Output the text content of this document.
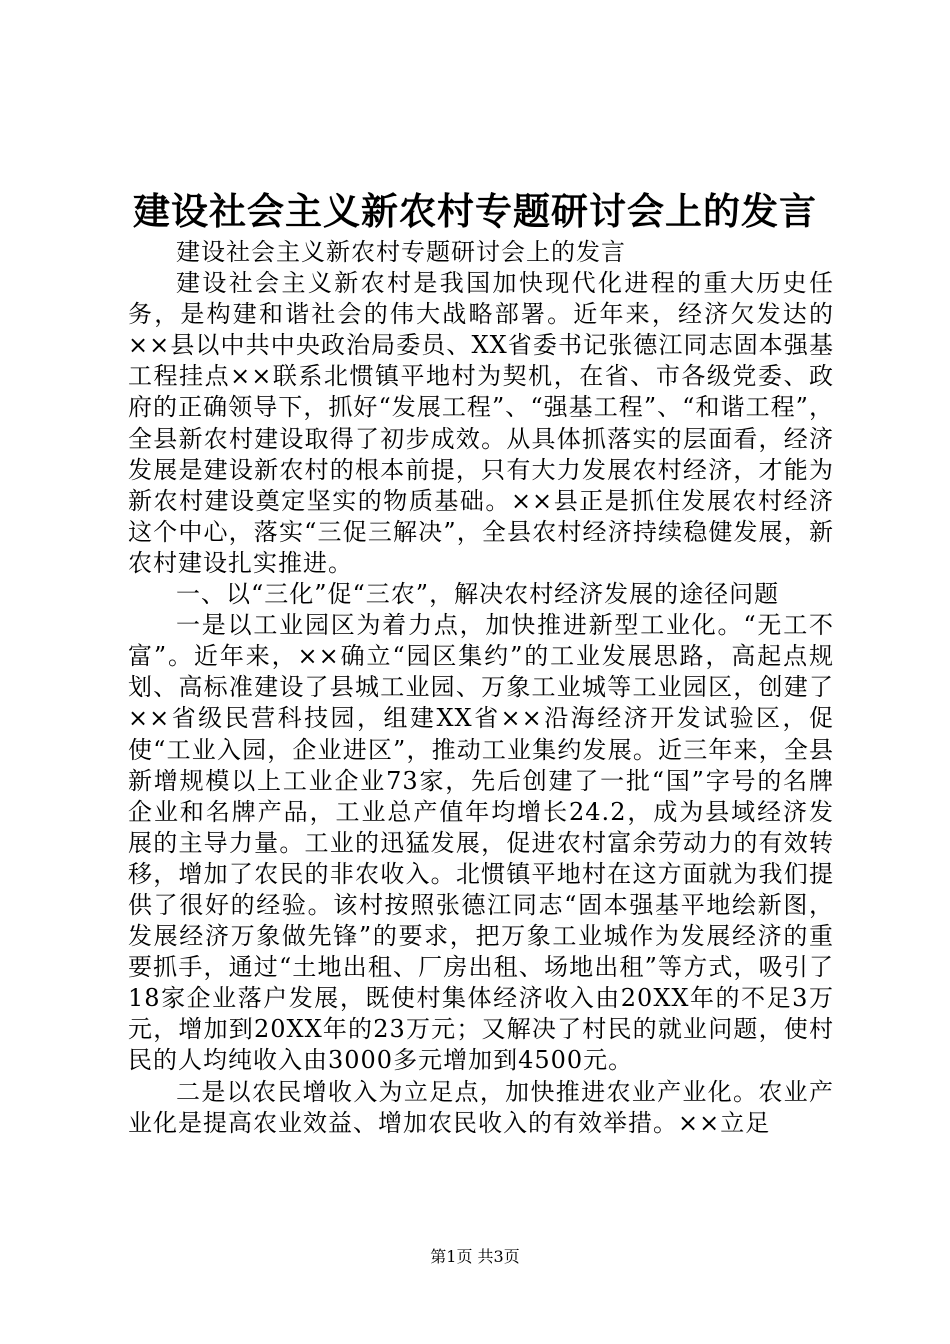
建设社会主义新农村专题研讨会上的发言

建设社会主义新农村专题研讨会上的发言

建设社会主义新农村是我国加快现代化进程的重大历史任务，是构建和谐社会的伟大战略部署。近年来，经济欠发达的××县以中共中央政治局委员、XX省委书记张德江同志固本强基工程挂点××联系北惯镇平地村为契机，在省、市各级党委、政府的正确领导下，抓好“发展工程”、“强基工程”、“和谐工程”，全县新农村建设取得了初步成效。从具体抓落实的层面看，经济发展是建设新农村的根本前提，只有大力发展农村经济，才能为新农村建设奠定坚实的物质基础。××县正是抓住发展农村经济这个中心，落实“三促三解决”，全县农村经济持续稳健发展，新农村建设扎实推进。

一、以“三化”促“三农”，解决农村经济发展的途径问题

一是以工业园区为着力点，加快推进新型工业化。“无工不富”。近年来，××确立“园区集约”的工业发展思路，高起点规划、高标准建设了县城工业园、万象工业城等工业园区，创建了××省级民营科技园，组建XX省××沿海经济开发试验区，促使“工业入园，企业进区”，推动工业集约发展。近三年来，全县新增规模以上工业企业73家，先后创建了一批“国”字号的名牌企业和名牌产品，工业总产值年均增长24.2，成为县域经济发展的主导力量。工业的迅猛发展，促进农村富余劳动力的有效转移，增加了农民的非农收入。北惯镇平地村在这方面就为我们提供了很好的经验。该村按照张德江同志“固本强基平地绘新图，发展经济万象做先锋”的要求，把万象工业城作为发展经济的重要抓手，通过“土地出租、厂房出租、场地出租”等方式，吸引了18家企业落户发展，既使村集体经济收入由20XX年的不足3万元，增加到20XX年的23万元；又解决了村民的就业问题，使村民的人均纯收入由3000多元增加到4500元。

二是以农民增收入为立足点，加快推进农业产业化。农业产业化是提高农业效益、增加农民收入的有效举措。××立足

第1页 共3页
